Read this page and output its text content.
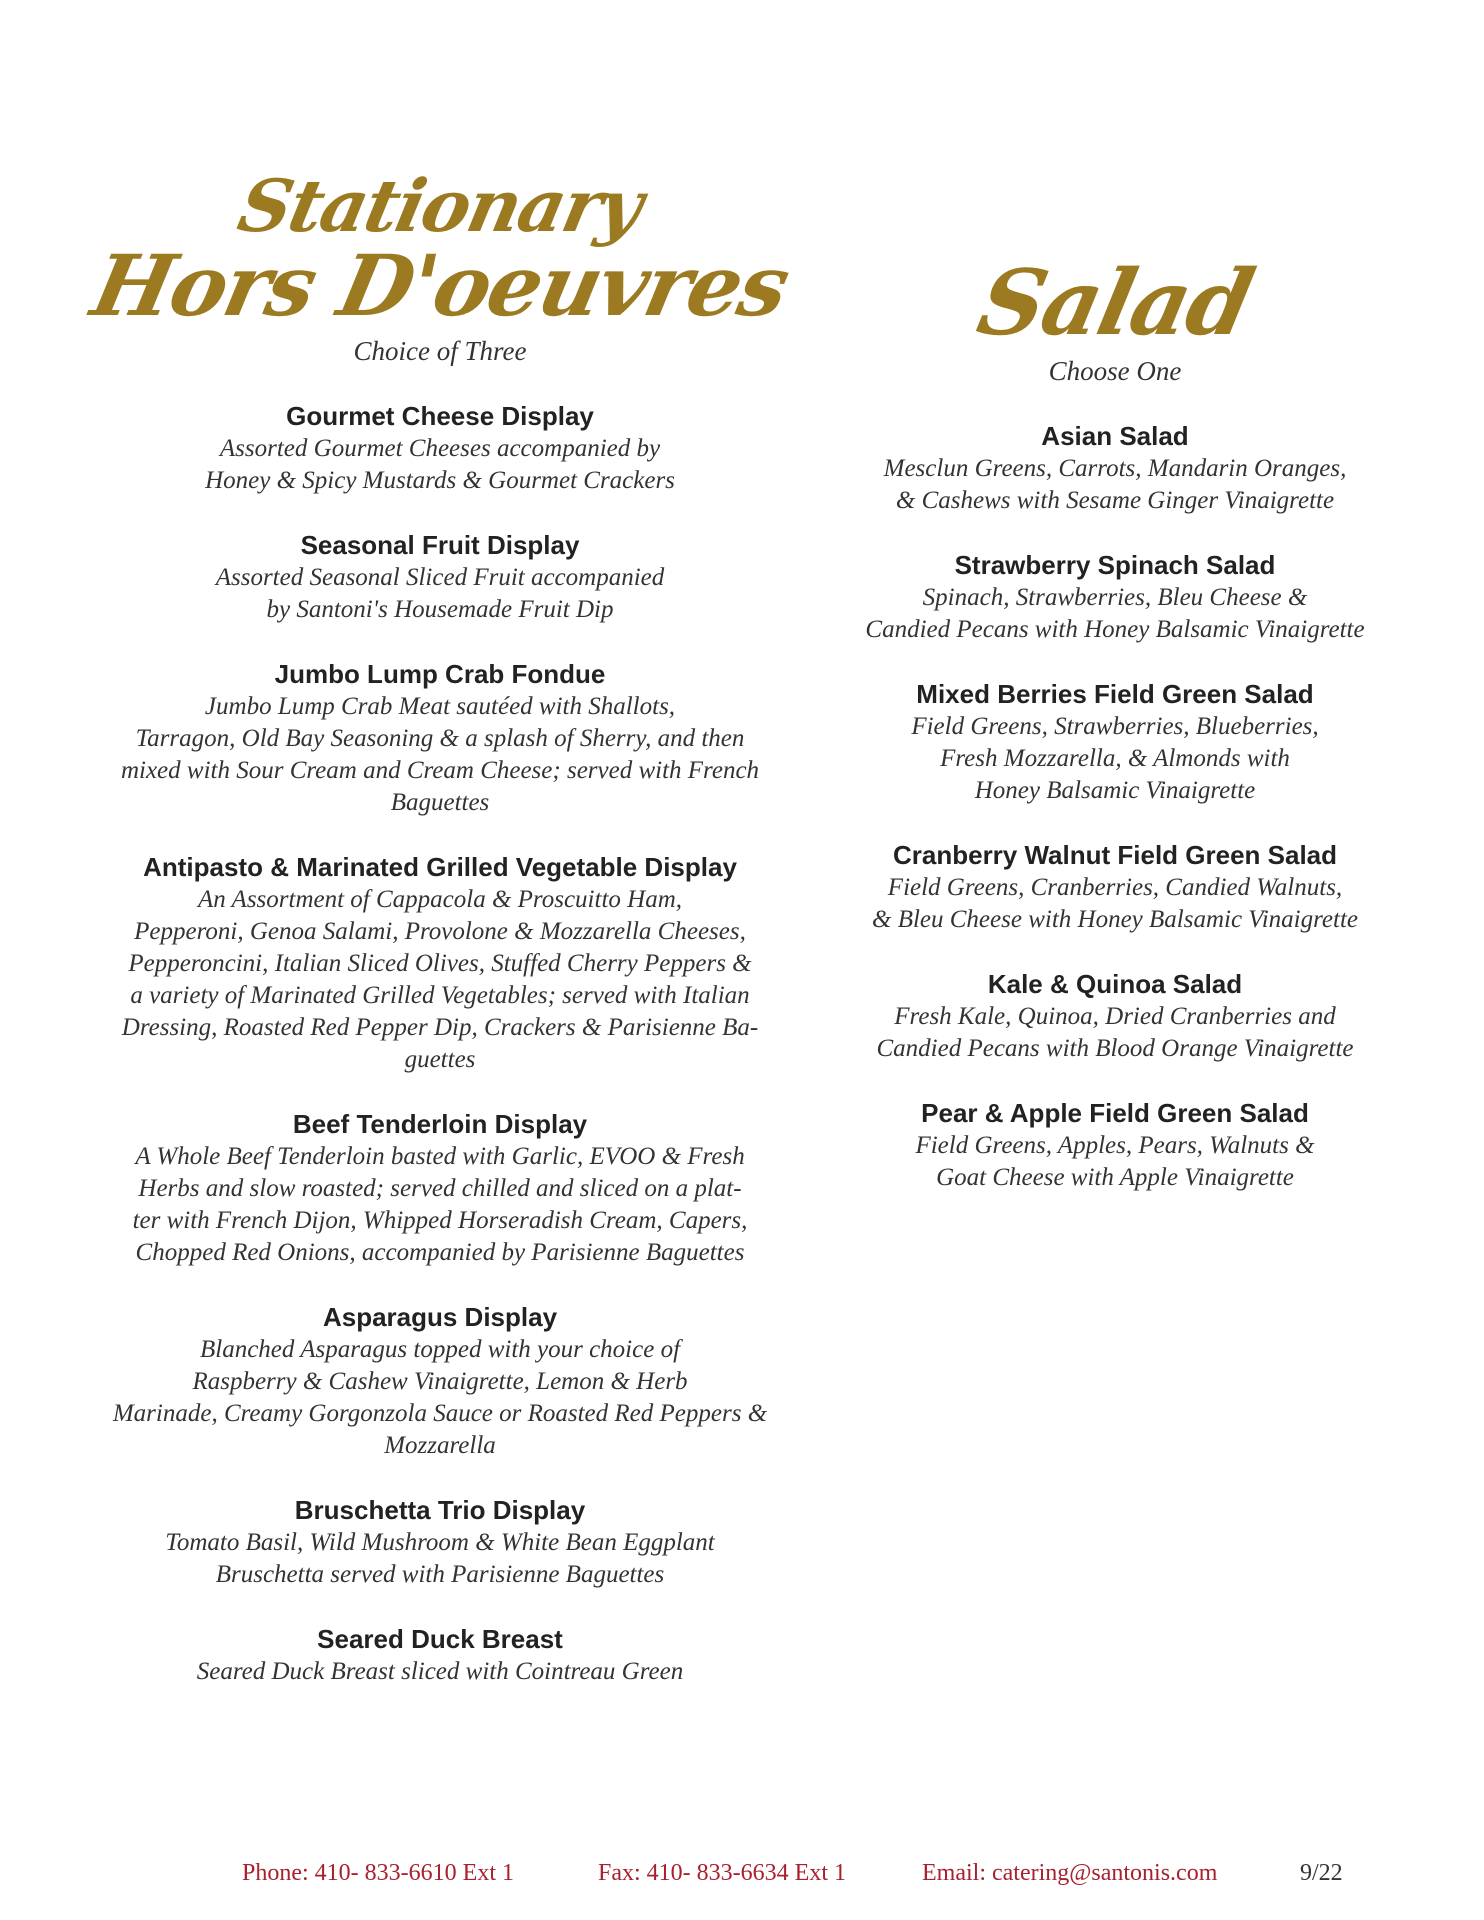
Stationary
Hors D'oeuvres
Choice of Three
Gourmet Cheese Display
Assorted Gourmet Cheeses accompanied by
Honey & Spicy Mustards & Gourmet Crackers
Seasonal Fruit Display
Assorted Seasonal Sliced Fruit accompanied
by Santoni's Housemade Fruit Dip
Jumbo Lump Crab Fondue
Jumbo Lump Crab Meat sautéed with Shallots,
Tarragon, Old Bay Seasoning & a splash of Sherry, and then
mixed with Sour Cream and Cream Cheese; served with French
Baguettes
Antipasto & Marinated Grilled Vegetable Display
An Assortment of Cappacola & Proscuitto Ham,
Pepperoni, Genoa Salami, Provolone & Mozzarella Cheeses,
Pepperoncini, Italian Sliced Olives, Stuffed Cherry Peppers &
a variety of Marinated Grilled Vegetables; served with Italian
Dressing, Roasted Red Pepper Dip, Crackers & Parisienne Ba-
guettes
Beef Tenderloin Display
A Whole Beef Tenderloin basted with Garlic, EVOO & Fresh
Herbs and slow roasted; served chilled and sliced on a plat-
ter with French Dijon, Whipped Horseradish Cream, Capers,
Chopped Red Onions, accompanied by Parisienne Baguettes
Asparagus Display
Blanched Asparagus topped with your choice of
Raspberry & Cashew Vinaigrette, Lemon & Herb
Marinade, Creamy Gorgonzola Sauce or Roasted Red Peppers &
Mozzarella
Bruschetta Trio Display
Tomato Basil, Wild Mushroom & White Bean Eggplant
Bruschetta served with Parisienne Baguettes
Seared Duck Breast
Seared Duck Breast sliced with Cointreau Green
Salad
Choose One
Asian Salad
Mesclun Greens, Carrots, Mandarin Oranges,
& Cashews with Sesame Ginger Vinaigrette
Strawberry Spinach Salad
Spinach, Strawberries, Bleu Cheese &
Candied Pecans with Honey Balsamic Vinaigrette
Mixed Berries Field Green Salad
Field Greens, Strawberries, Blueberries,
Fresh Mozzarella, & Almonds with
Honey Balsamic Vinaigrette
Cranberry Walnut Field Green Salad
Field Greens, Cranberries, Candied Walnuts,
& Bleu Cheese with Honey Balsamic Vinaigrette
Kale & Quinoa Salad
Fresh Kale, Quinoa, Dried Cranberries and
Candied Pecans with Blood Orange Vinaigrette
Pear & Apple Field Green Salad
Field Greens, Apples, Pears, Walnuts &
Goat Cheese with Apple Vinaigrette
Phone: 410- 833-6610 Ext 1	Fax: 410- 833-6634 Ext 1	Email: catering@santonis.com	9/22
